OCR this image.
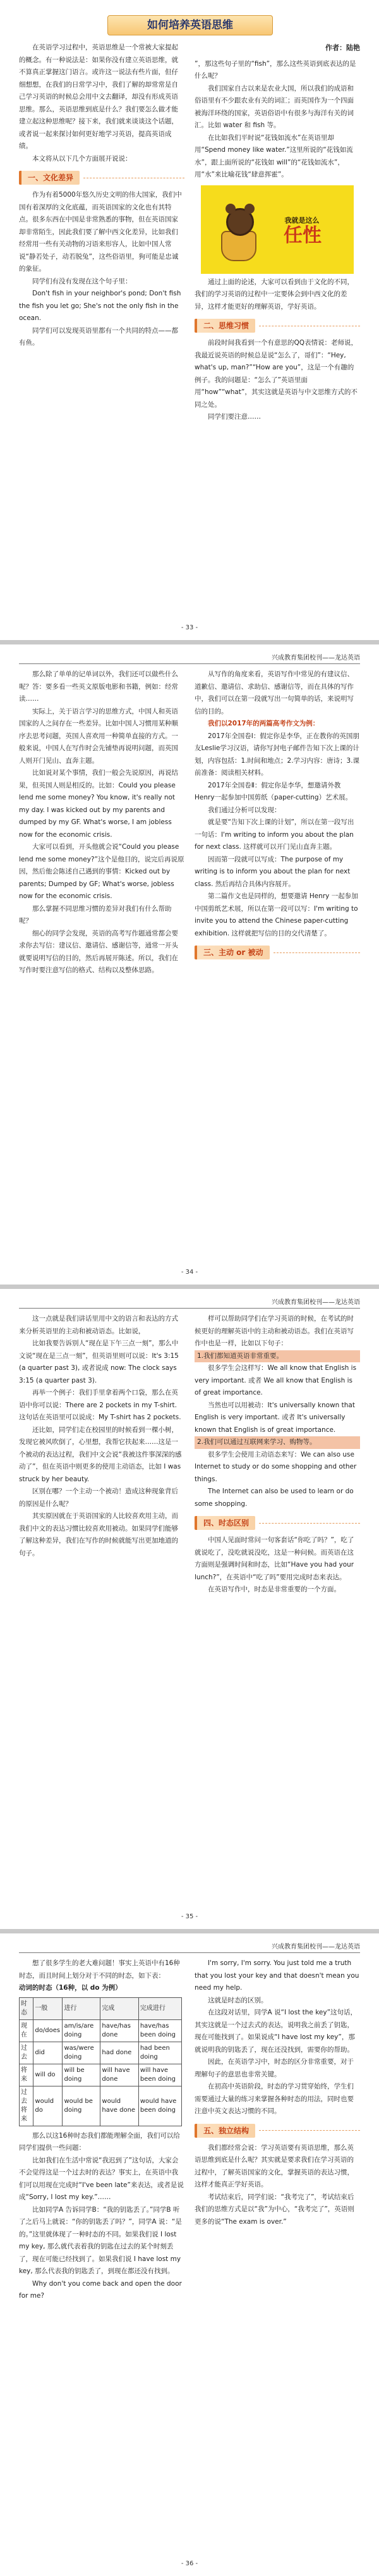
如何培养英语思维

在英语学习过程中，英语思维是一个常被大家提起的概念。有一种说法是：如果你没有建立英语思维，就不算真正掌握这门语言。或许这一说法有些片面，但仔细想想，在我们的日常学习中，我们了解的却常常是自己学习英语的时候总会用中文去翻译，却没有形成英语思维。那么，英语思维到底是什么？我们要怎么做才能建立起这种思维呢？接下来，我们就来谈谈这个话题，或者说一起来探讨如何更好地学习英语，提高英语成绩。

本文将从以下几个方面展开说说：

一、文化差异

作为有着5000年悠久历史文明的伟大国家，我们中国有着深厚的文化底蕴，而英语国家的文化也有其特点。很多东西在中国是非常熟悉的事物，但在英语国家却非常陌生，因此我们要了解中西文化差异，比如我们经常用一些有关动物的习语来形容人，比如中国人常说“静若处子，动若脱兔”，这些俗语里，狗可能是忠诚的象征。

同学们有没有发现在这个句子里：

Don't fish in your neighbor's pond; Don't fish the fish you let go; She's not the only fish in the ocean.

同学们可以发现英语里都有一个共同的特点——都有鱼。

作者：陆艳

”，那这些句子里的“fish”，那么这些英语到底表达的是什么呢？

我们国家自古以来是农业大国，所以我们的成语和俗语里有不少跟农业有关的词汇；而英国作为一个四面被海洋环绕的国家，英语俗语中有很多与海洋有关的词汇。比如 water 和 fish 等。

在比如我们平时说“花钱如流水”在英语里却用“Spend money like water.”这里所说的“花钱如流水”，跟上面所说的“花钱如 will”的“花钱如流水”，用“水”来比喻花钱“肆意挥霍”。

我就是这么
任性

通过上面的论述，大家可以看到由于文化的不同，我们的学习英语的过程中一定要体会到中西文化的差异，这样才能更好的理解英语，学好英语。

二、思维习惯

前段时间我看到一个有意思的QQ表情说：老师说，我最近说英语的时候总是说“怎么了，哥们”：“Hey, what's up, man?”“How are you”，这是一个有趣的例子。我的问题是：“怎么了”英语里面用“how”“what”，其实这就是英语与中文思维方式的不同之处。

同学们要注意……

- 33 -
兴成教育集团校刊——龙达英语

那么除了单单的记单词以外，我们还可以做些什么呢？答：要多看一些英文原版电影和书籍，例如：经常读……

实际上，关于语言学习的思维方式，中国人和英语国家的人之间存在一些差异。比如中国人习惯用某种顺序去思考问题，英国人喜欢用一种简单直接的方式。一般来说，中国人在写作时会先铺垫再说明问题，而英国人则开门见山、直奔主题。

比如说对某个事情，我们一般会先说原因，再说结果，但英国人则是相反的。比如：Could you please lend me some money? You know, it's really not my day. I was kicked out by my parents and dumped by my GF. What's worse, I am jobless now for the economic crisis.

大家可以看到，开头他就会说“Could you please lend me some money?”这个是他目的，说完后再说原因，然后他会陈述自己遇到的事情：Kicked out by parents; Dumped by GF; What's worse, jobless now for the economic crisis.

那么掌握不同思维习惯的差异对我们有什么帮助呢？

细心的同学会发现，英语的高考写作题通常都会要求你去写信：建议信、邀请信、感谢信等，通常一开头就要说明写信的目的，然后再展开陈述。所以，我们在写作时要注意写信的格式、结构以及整体思路。

从写作的角度来看，英语写作中常见的有建议信、道歉信、邀请信、求助信、感谢信等，而在具体的写作中，我们可以在第一段就写出一句简单的话，来说明写信的目的。

我们以2017年的两篇高考作文为例：

2017年全国卷Ⅰ：假定你是李华，正在教你的英国朋友Leslie学习汉语，请你写封电子邮件告知下次上课的计划，内容包括：1.时间和地点；2.学习内容：唐诗；3.课前准备：阅读相关材料。

2017年全国卷Ⅱ：假定你是李华，想邀请外教Henry一起参加中国剪纸（paper-cutting）艺术展。

我们通过分析可以发现：

就是要“告知下次上课的计划”，所以在第一段写出一句话：I'm writing to inform you about the plan for next class. 这样就可以开门见山直奔主题。

因而第一段就可以写成：The purpose of my writing is to inform you about the plan for next class. 然后再结合具体内容展开。

第二篇作文也是同样的，想要邀请 Henry 一起参加中国剪纸艺术展，所以在第一段可以写：I'm writing to invite you to attend the Chinese paper-cutting exhibition. 这样就把写信的目的交代清楚了。

三、主动 or 被动
- 34 -
兴成教育集团校刊——龙达英语

这一点就是我们讲话里用中文的语言和表达的方式来分析英语里的主动和被动语态。比如说，

比如我要告诉别人“现在是下午三点一刻”，那么中文说“现在是三点一刻”，但英语里则可以说：It's 3:15 (a quarter past 3), 或者说成 now: The clock says 3:15 (a quarter past 3).

再举一个例子：我们手里拿着两个口袋，那么在英语中你可以说：There are 2 pockets in my T-shirt. 这句话在英语里可以说成：My T-shirt has 2 pockets.

还比如，同学们走在校园里的时候看到一棵小树，发现它被风吹倒了，心里想，我帮它扶起来……这是一个被动的表达过程，我们中文会说“我被这件事深深的感动了”，但在英语中则更多的使用主动语态，比如 I was struck by her beauty.

区别在哪？一个主动一个被动！造成这种现象背后的原因是什么呢？

其实原因就在于英语国家的人比较喜欢用主动，而我们中文的表达习惯比较喜欢用被动。如果同学们能够了解这种差异，我们在写作的时候就能写出更加地道的句子。

样可以帮助同学们在学习英语的时候，在考试的时候更好的理解英语中的主动和被动语态。我们在英语写作中也是一样，比如以下句子：

1.我们都知道英语非常重要。

很多学生会这样写：We all know that English is very important. 或者 We all know that English is of great importance.

当然也可以用被动：It's universally known that English is very important. 或者 It's universally known that English is of great importance.

2.我们可以通过互联网来学习、购物等。

很多学生会使用主动语态来写：We can also use Internet to study or do some shopping and other things.

The Internet can also be used to learn or do some shopping.

四、时态区别

中国人见面时常问一句客套话“你吃了吗？”，吃了就说吃了，没吃就说没吃，这是一种问候。而英语在这方面则是强调时间和时态，比如“Have you had your lunch?”，在英语中“吃了吗”要用完成时态来表达。

在英语写作中，时态是非常重要的一个方面。

- 35 -
兴成教育集团校刊——龙达英语

想了很多学生的老大难问题！事实上英语中有16种时态，而且时间上划分对于不同的时态，如下表：

动词的时态（16种，以 do 为例）
时态	一般	进行	完成	完成进行
现在	do/does	am/is/are doing	have/has done	have/has been doing
过去	did	was/were doing	had done	had been doing
将来	will do	will be doing	will have done	will have been doing
过去将来	would do	would be doing	would have done	would have been doing

那么以这16种时态我们都能理解全面，我们可以给同学们提供一些问题：

比如我们在生活中常说“我迟到了”这句话，大家会不会觉得这是一个过去时的表达？事实上，在英语中我们可以用现在完成时“I've been late”来表达，或者是说成“Sorry, I lost my key.”……

比如同学A 告诉同学B：“我的钥匙丢了。”同学B 听了之后马上就说：“你的钥匙丢了吗？”，同学A 说：“是的。”这里就体现了一种时态的不同。如果我们说 I lost my key, 那么就代表着我的钥匙在过去的某个时刻丢了，现在可能已经找到了。如果我们说 I have lost my key, 那么代表我的钥匙丢了，到现在都还没有找到。

Why don't you come back and open the door for me?

I'm sorry, I'm sorry. You just told me a truth that you lost your key and that doesn't mean you need my help.

这就是时态的区别。

在这段对话里，同学A 说“I lost the key”这句话，其实这就是一个过去式的表达，说明我之前丢了钥匙，现在可能找到了。如果说成“I have lost my key”，那就说明我的钥匙丢了，现在还没找到，需要你的帮助。

因此，在英语学习中，时态的区分非常重要，对于理解句子的意思也非常关键。

在初高中英语阶段，时态的学习贯穿始终，学生们需要通过大量的练习来掌握各种时态的用法，同时也要注意中英文表达习惯的不同。

五、独立结构

我们都经常会说：学习英语要有英语思维，那么英语思维到底是什么呢？其实就是要求我们在学习英语的过程中，了解英语国家的文化，掌握英语的表达习惯，这样才能真正学好英语。

考试结束后，同学们说：“我考完了”，考试结束后我们的思维方式是以“我”为中心，“我考完了”，英语则更多的说“The exam is over.”

- 36 -
